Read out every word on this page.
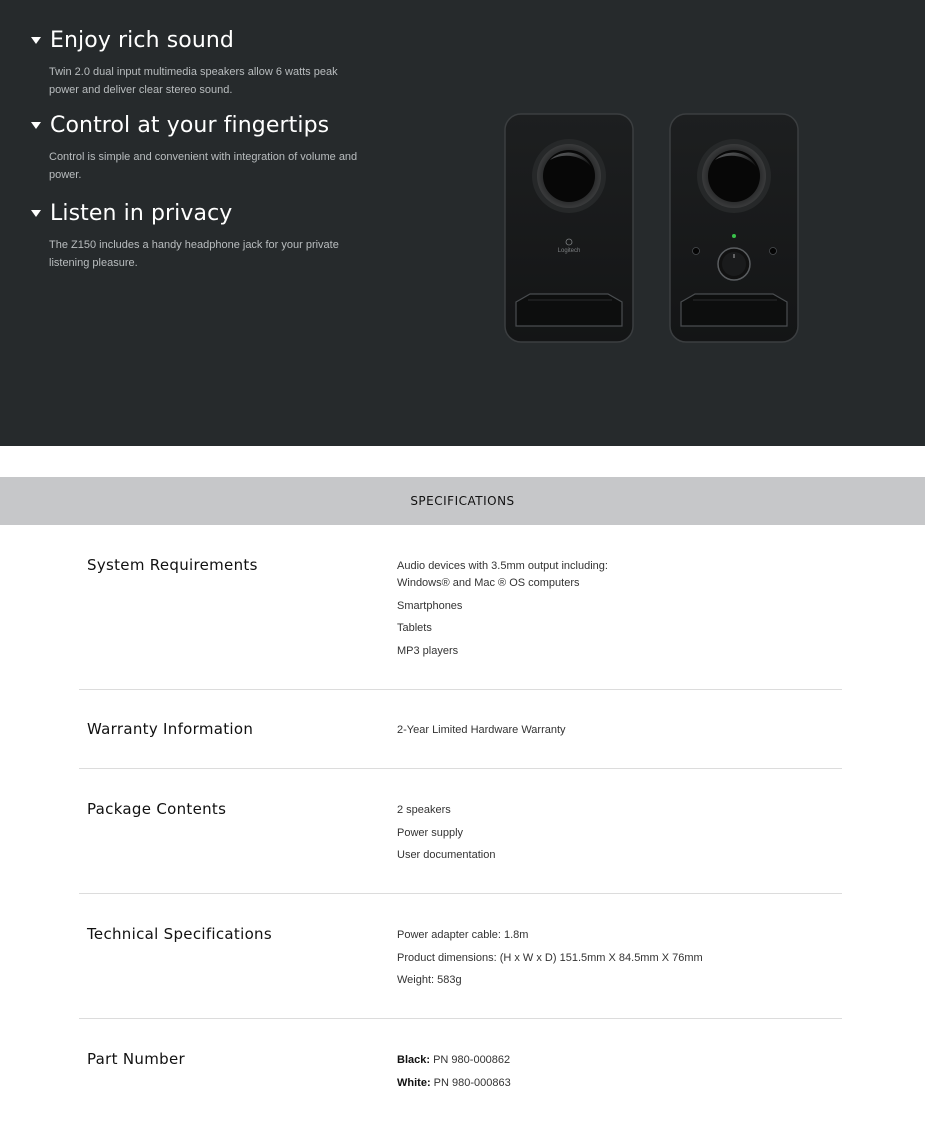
Enjoy rich sound

Twin 2.0 dual input multimedia speakers allow 6 watts peak power and deliver clear stereo sound.

Control at your fingertips

Control is simple and convenient with integration of volume and power.

Listen in privacy

The Z150 includes a handy headphone jack for your private listening pleasure.

Logitech
SPECIFICATIONS
System Requirements	Audio devices with 3.5mm output including:
Windows® and Mac ® OS computers
Smartphones
Tablets
MP3 players
Warranty Information	2-Year Limited Hardware Warranty
Package Contents	2 speakers
Power supply
User documentation
Technical Specifications	Power adapter cable: 1.8m
Product dimensions: (H x W x D) 151.5mm X 84.5mm X 76mm
Weight: 583g
Part Number	Black: PN 980-000862
White: PN 980-000863
